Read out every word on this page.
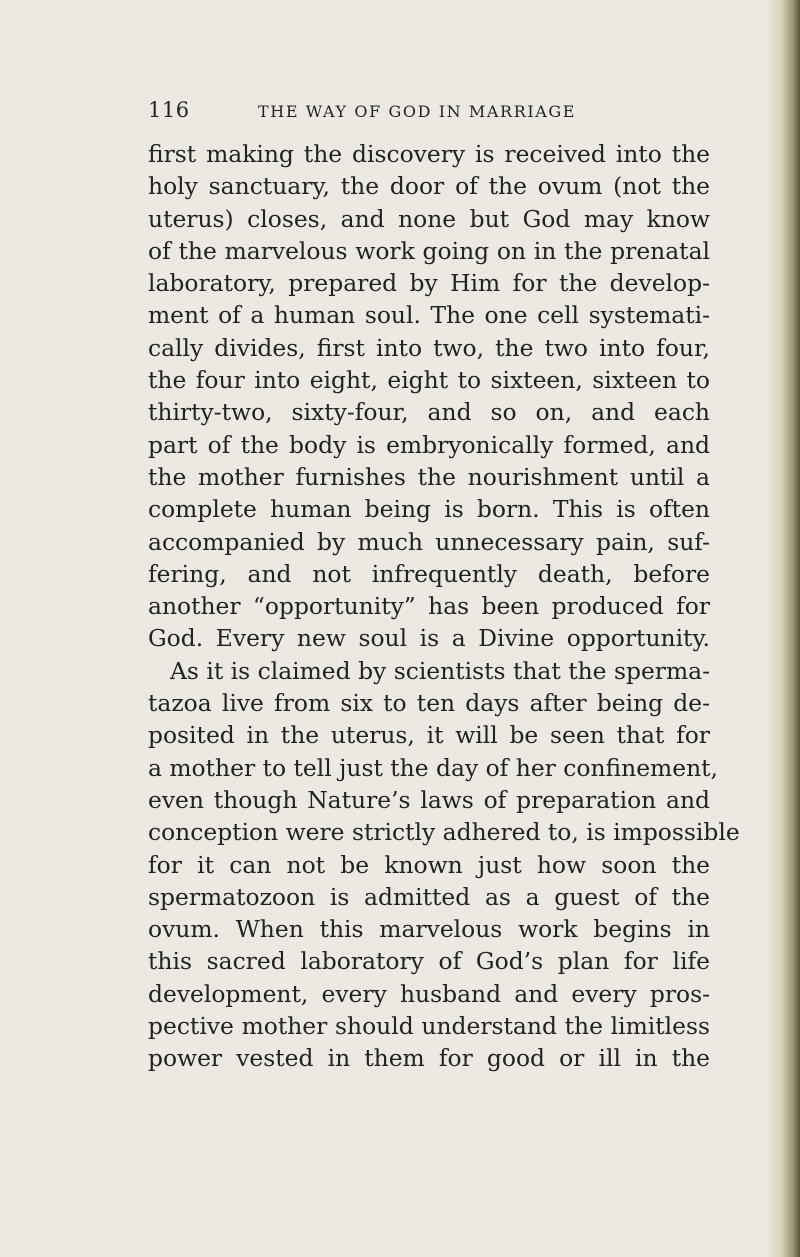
116	THE WAY OF GOD IN MARRIAGE
first making the discovery is received into the
holy sanctuary, the door of the ovum (not the
uterus) closes, and none but God may know
of the marvelous work going on in the prenatal
laboratory, prepared by Him for the develop-
ment of a human soul. The one cell systemati-
cally divides, first into two, the two into four,
the four into eight, eight to sixteen, sixteen to
thirty-two, sixty-four, and so on, and each
part of the body is embryonically formed, and
the mother furnishes the nourishment until a
complete human being is born. This is often
accompanied by much unnecessary pain, suf-
fering, and not infrequently death, before
another “opportunity” has been produced for
God. Every new soul is a Divine opportunity.
As it is claimed by scientists that the sperma-
tazoa live from six to ten days after being de-
posited in the uterus, it will be seen that for
a mother to tell just the day of her confinement,
even though Nature’s laws of preparation and
conception were strictly adhered to, is impossible
for it can not be known just how soon the
spermatozoon is admitted as a guest of the
ovum. When this marvelous work begins in
this sacred laboratory of God’s plan for life
development, every husband and every pros-
pective mother should understand the limitless
power vested in them for good or ill in the
